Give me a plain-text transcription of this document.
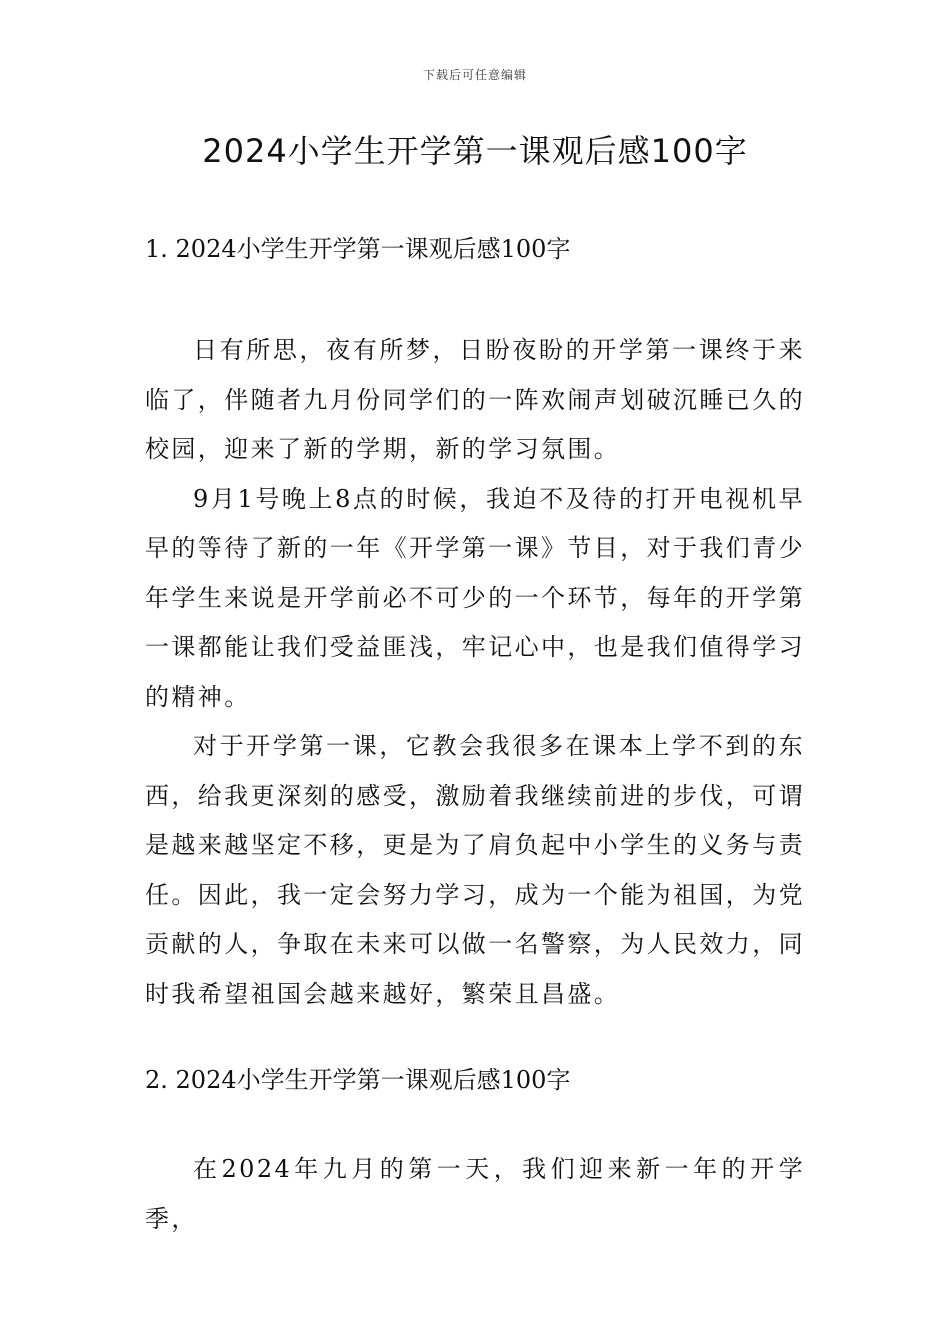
下载后可任意编辑
2024小学生开学第一课观后感100字

1. 2024小学生开学第一课观后感100字

日有所思，夜有所梦，日盼夜盼的开学第一课终于来临了，伴随者九月份同学们的一阵欢闹声划破沉睡已久的校园，迎来了新的学期，新的学习氛围。

9月1号晚上8点的时候，我迫不及待的打开电视机早早的等待了新的一年《开学第一课》节目，对于我们青少年学生来说是开学前必不可少的一个环节，每年的开学第一课都能让我们受益匪浅，牢记心中，也是我们值得学习的精神。

对于开学第一课，它教会我很多在课本上学不到的东西，给我更深刻的感受，激励着我继续前进的步伐，可谓是越来越坚定不移，更是为了肩负起中小学生的义务与责任。因此，我一定会努力学习，成为一个能为祖国，为党贡献的人，争取在未来可以做一名警察，为人民效力，同时我希望祖国会越来越好，繁荣且昌盛。

2. 2024小学生开学第一课观后感100字

在2024年九月的第一天，我们迎来新一年的开学季，
